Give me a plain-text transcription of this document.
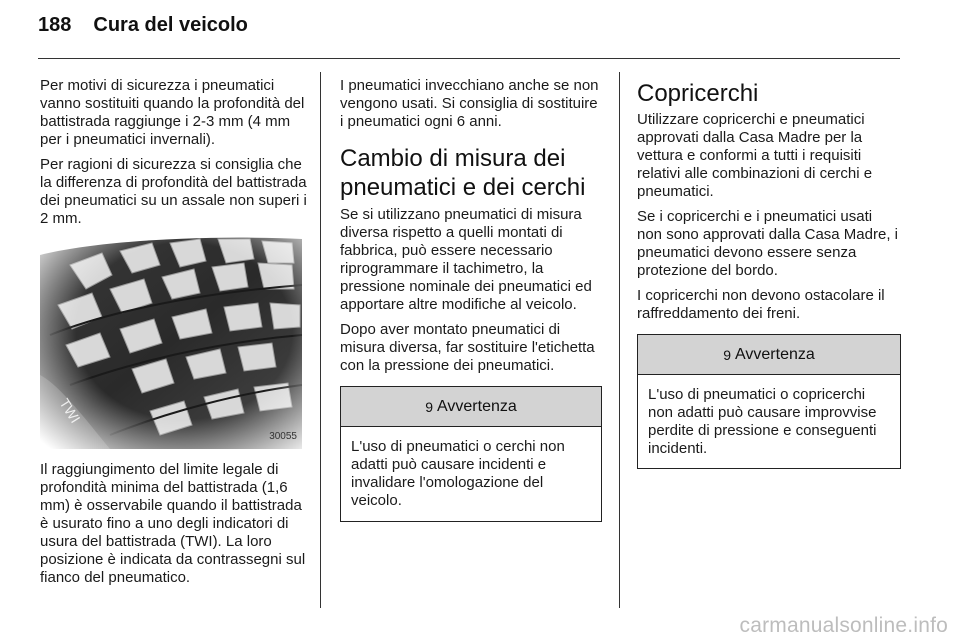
188 Cura del veicolo

Per motivi di sicurezza i pneumatici vanno sostituiti quando la profondità del battistrada raggiunge i 2-3 mm (4 mm per i pneumatici invernali).

Per ragioni di sicurezza si consiglia che la differenza di profondità del battistrada dei pneumatici su un assale non superi i 2 mm.

30055

Il raggiungimento del limite legale di profondità minima del battistrada (1,6 mm) è osservabile quando il battistrada è usurato fino a uno degli indicatori di usura del battistrada (TWI). La loro posizione è indicata da contrassegni sul fianco del pneumatico.

I pneumatici invecchiano anche se non vengono usati. Si consiglia di sostituire i pneumatici ogni 6 anni.

Cambio di misura dei pneumatici e dei cerchi

Se si utilizzano pneumatici di misura diversa rispetto a quelli montati di fabbrica, può essere necessario riprogrammare il tachimetro, la pressione nominale dei pneumatici ed apportare altre modifiche al veicolo.

Dopo aver montato pneumatici di misura diversa, far sostituire l'etichetta con la pressione dei pneumatici.

9 Avvertenza
L'uso di pneumatici o cerchi non adatti può causare incidenti e invalidare l'omologazione del veicolo.
Copricerchi

Utilizzare copricerchi e pneumatici approvati dalla Casa Madre per la vettura e conformi a tutti i requisiti relativi alle combinazioni di cerchi e pneumatici.

Se i copricerchi e i pneumatici usati non sono approvati dalla Casa Madre, i pneumatici devono essere senza protezione del bordo.

I copricerchi non devono ostacolare il raffreddamento dei freni.

9 Avvertenza
L'uso di pneumatici o copricerchi non adatti può causare improvvise perdite di pressione e conseguenti incidenti.
carmanualsonline.info
